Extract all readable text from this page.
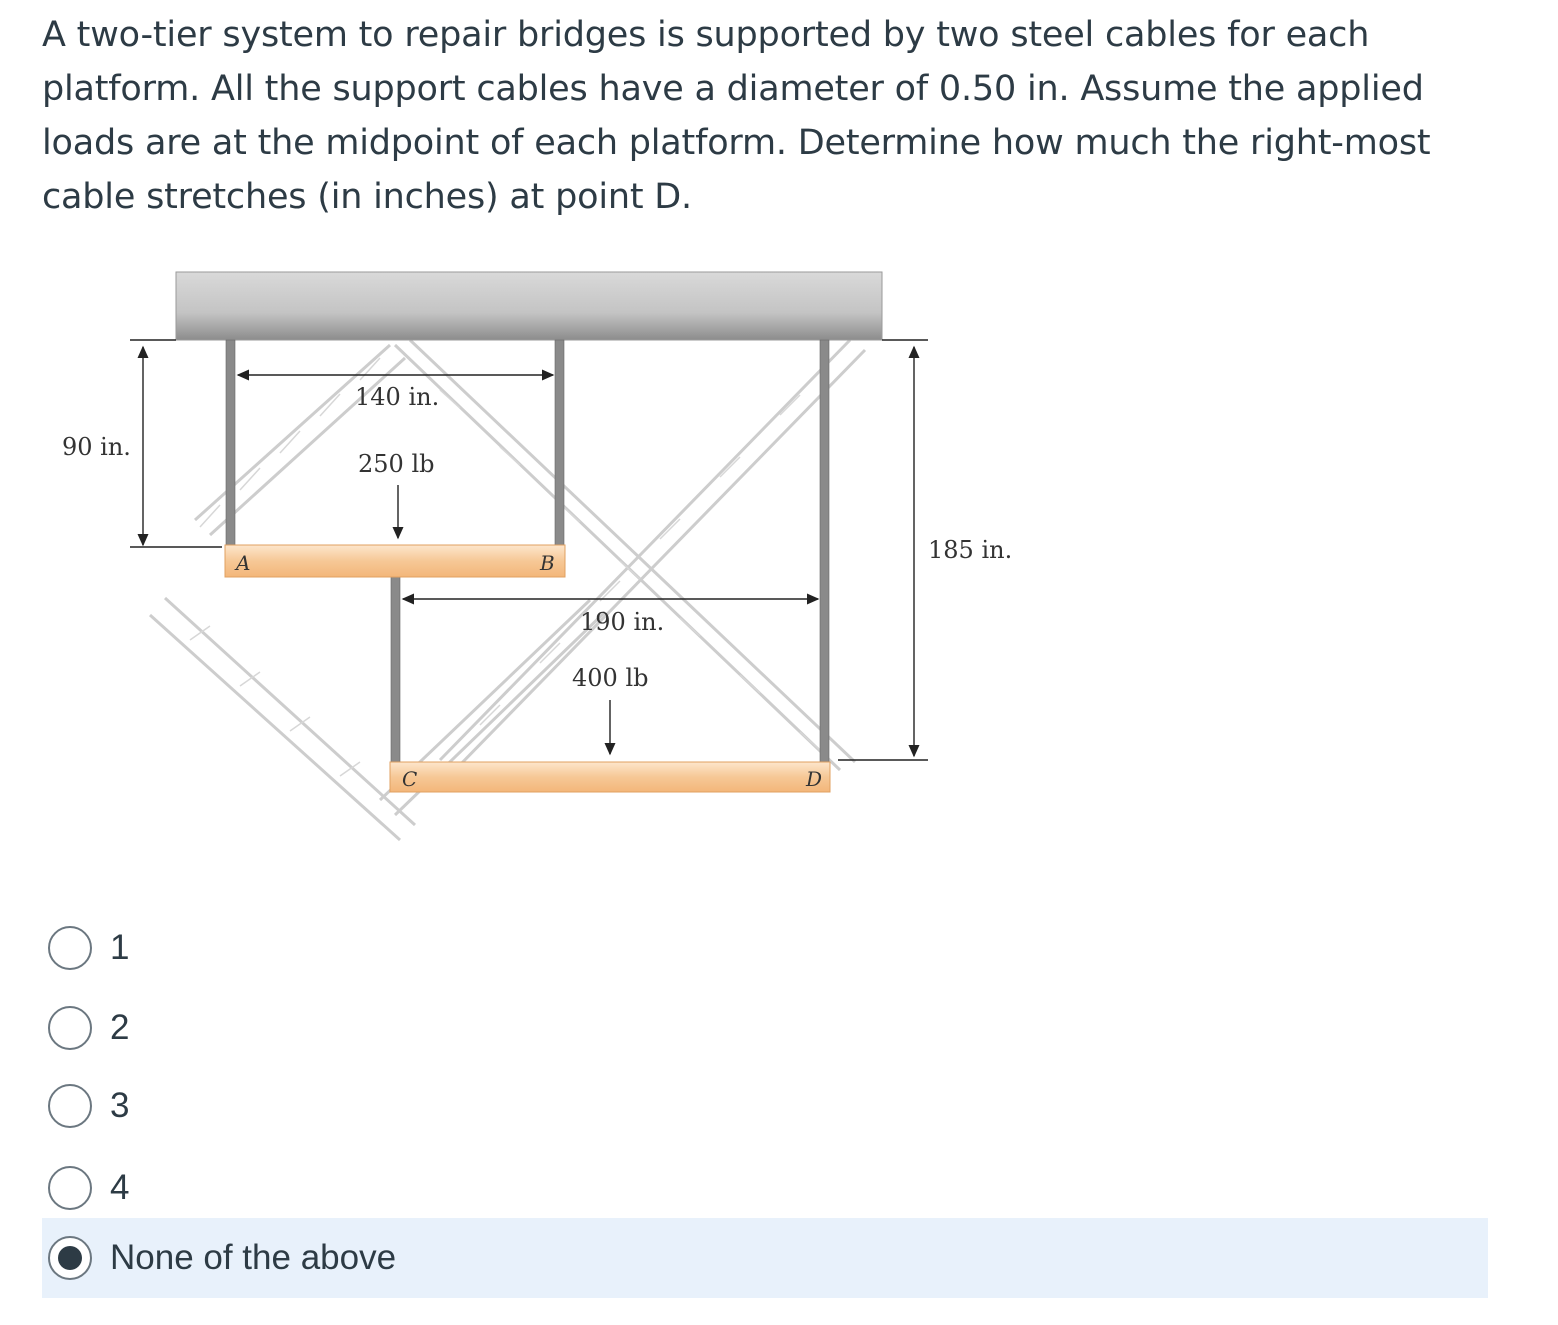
A two-tier system to repair bridges is supported by two steel cables for each platform. All the support cables have a diameter of 0.50 in. Assume the applied loads are at the midpoint of each platform. Determine how much the right-most cable stretches (in inches) at point D.

140 in.
250 lb
90 in.
185 in.
190 in.
400 lb
A	B
C	D
1
2
3
4
None of the above
